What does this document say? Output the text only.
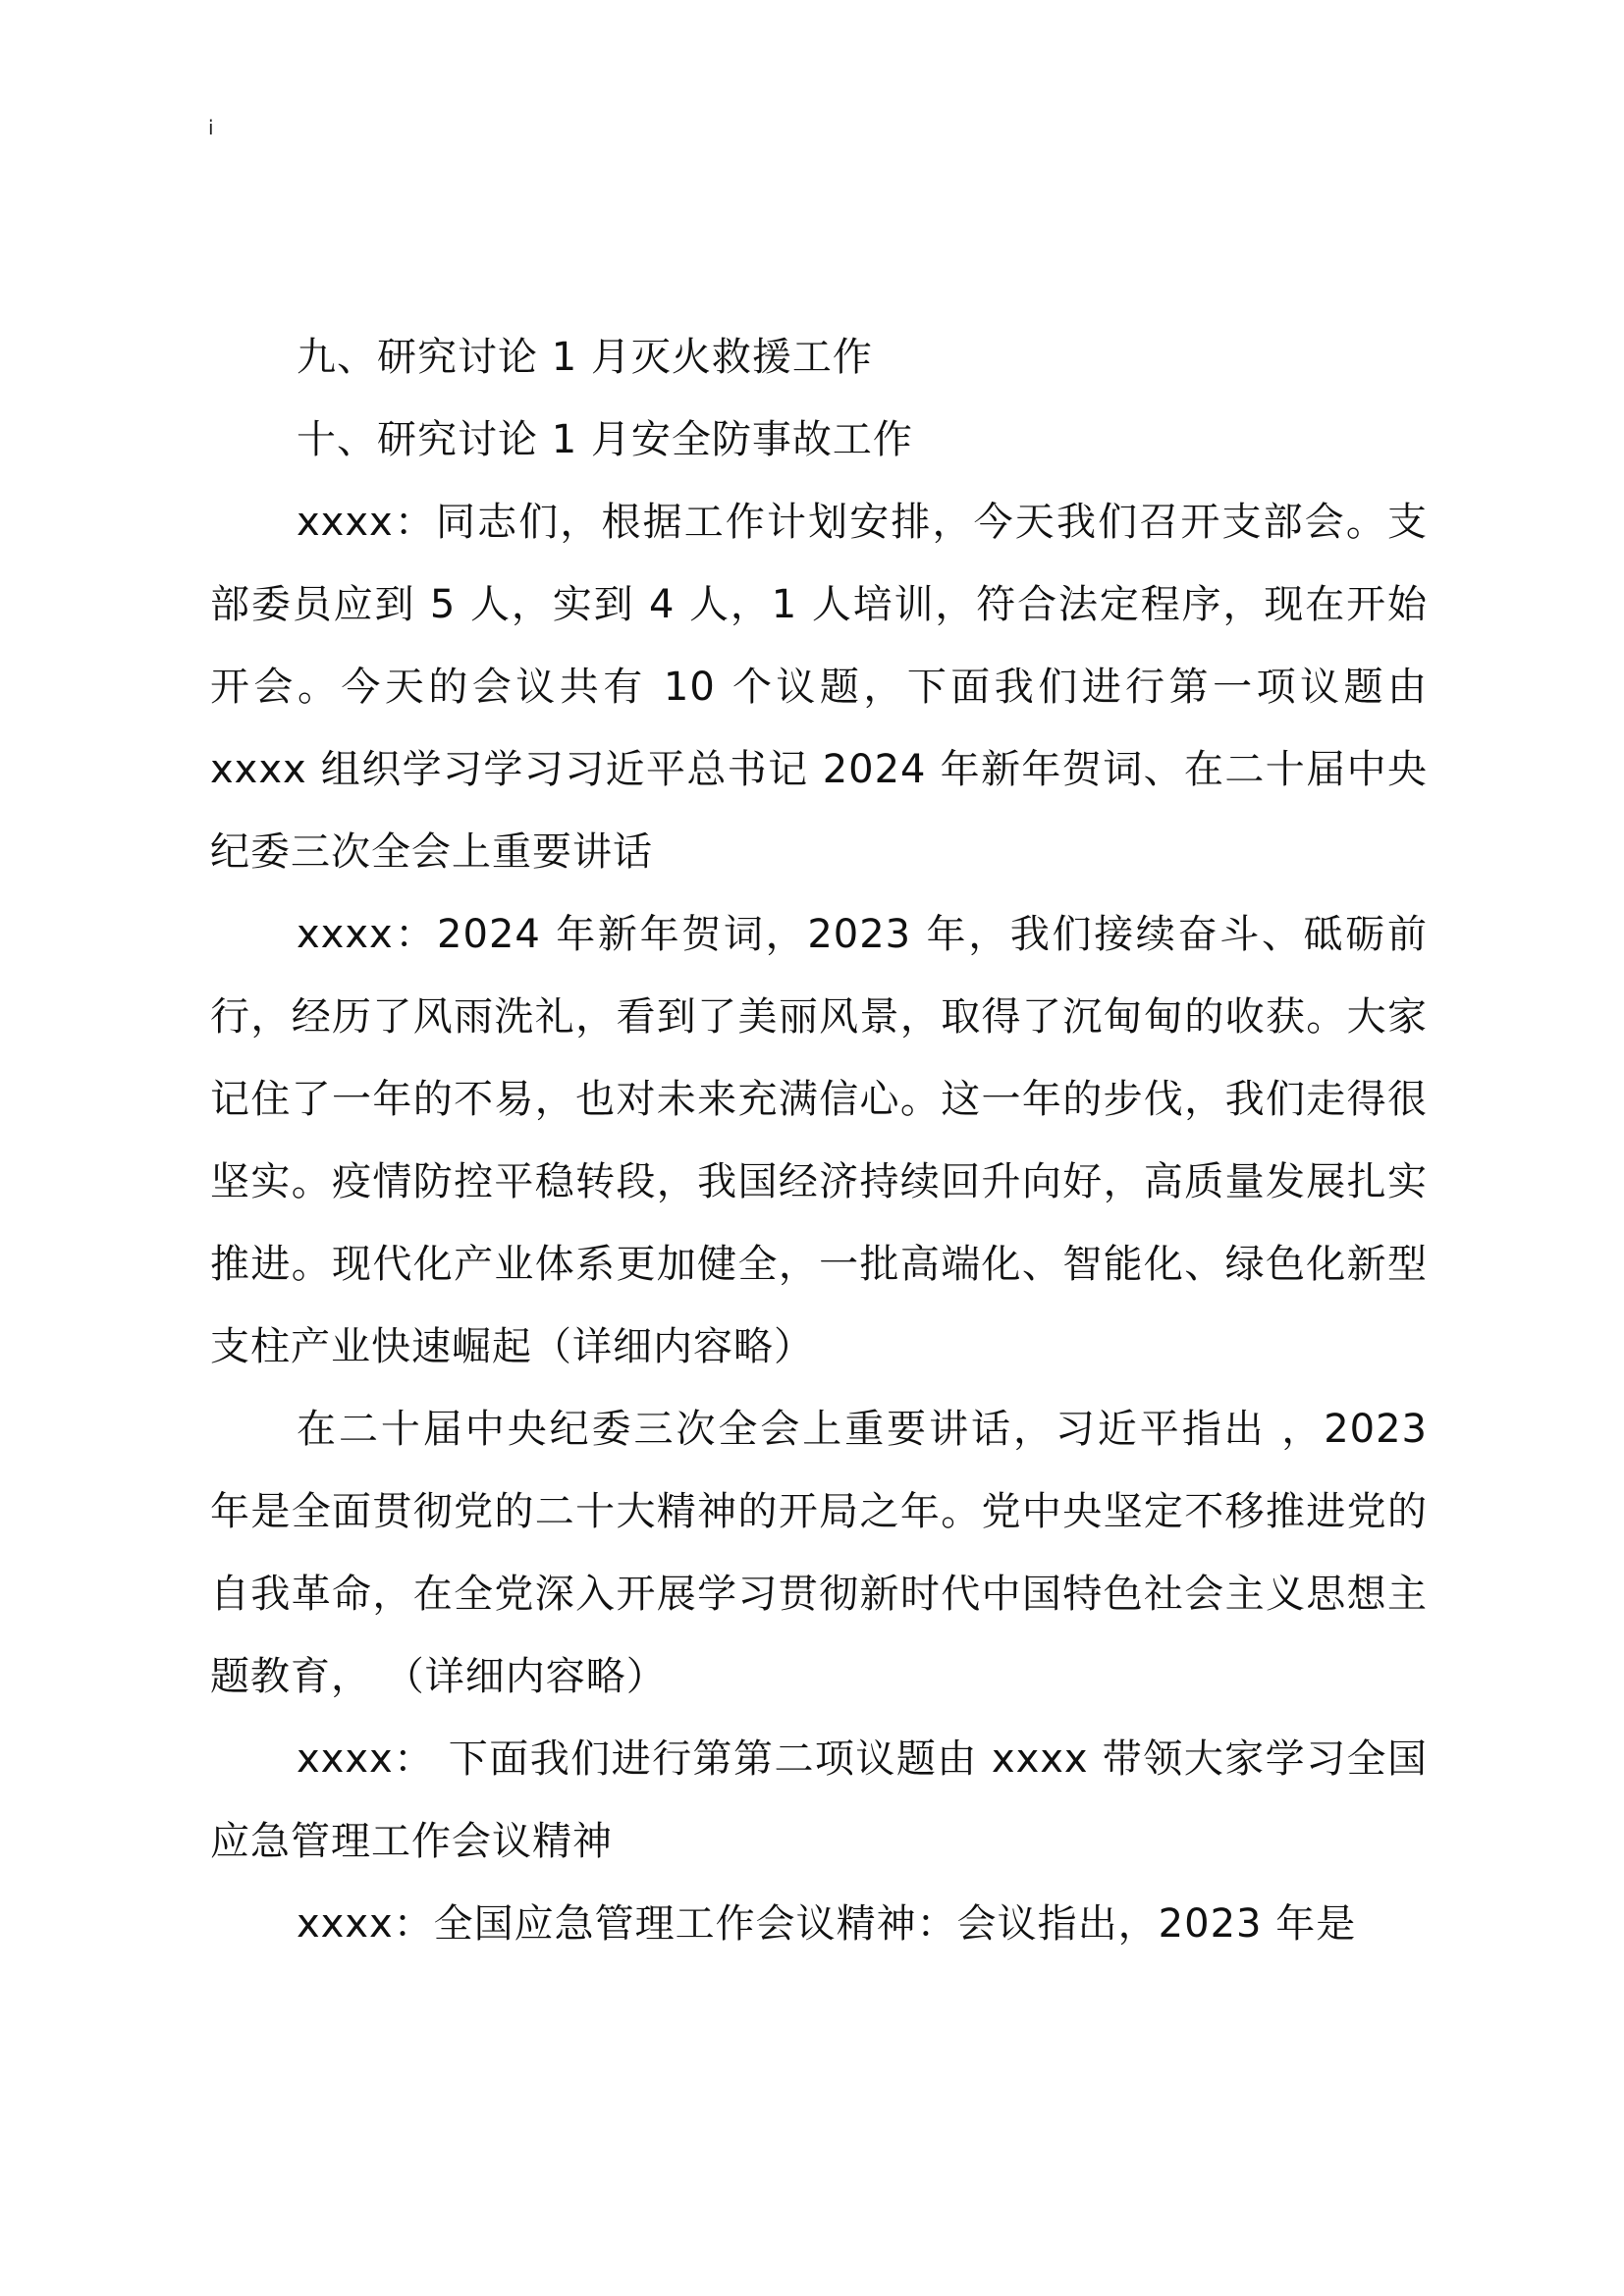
i

九、研究讨论 1 月灭火救援工作

十、研究讨论 1 月安全防事故工作

xxxx：同志们，根据工作计划安排，今天我们召开支部会。支部委员应到 5 人，实到 4 人，1 人培训，符合法定程序，现在开始开会。今天的会议共有 10 个议题，下面我们进行第一项议题由 xxxx 组织学习学习习近平总书记 2024 年新年贺词、在二十届中央纪委三次全会上重要讲话

xxxx：2024 年新年贺词，2023 年，我们接续奋斗、砥砺前行，经历了风雨洗礼，看到了美丽风景，取得了沉甸甸的收获。大家记住了一年的不易，也对未来充满信心。这一年的步伐，我们走得很坚实。疫情防控平稳转段，我国经济持续回升向好，高质量发展扎实推进。现代化产业体系更加健全，一批高端化、智能化、绿色化新型支柱产业快速崛起（详细内容略）

在二十届中央纪委三次全会上重要讲话，习近平指出 ，2023 年是全面贯彻党的二十大精神的开局之年。党中央坚定不移推进党的自我革命，在全党深入开展学习贯彻新时代中国特色社会主义思想主题教育， （详细内容略）

xxxx： 下面我们进行第第二项议题由 xxxx 带领大家学习全国应急管理工作会议精神

xxxx：全国应急管理工作会议精神：会议指出，2023 年是
